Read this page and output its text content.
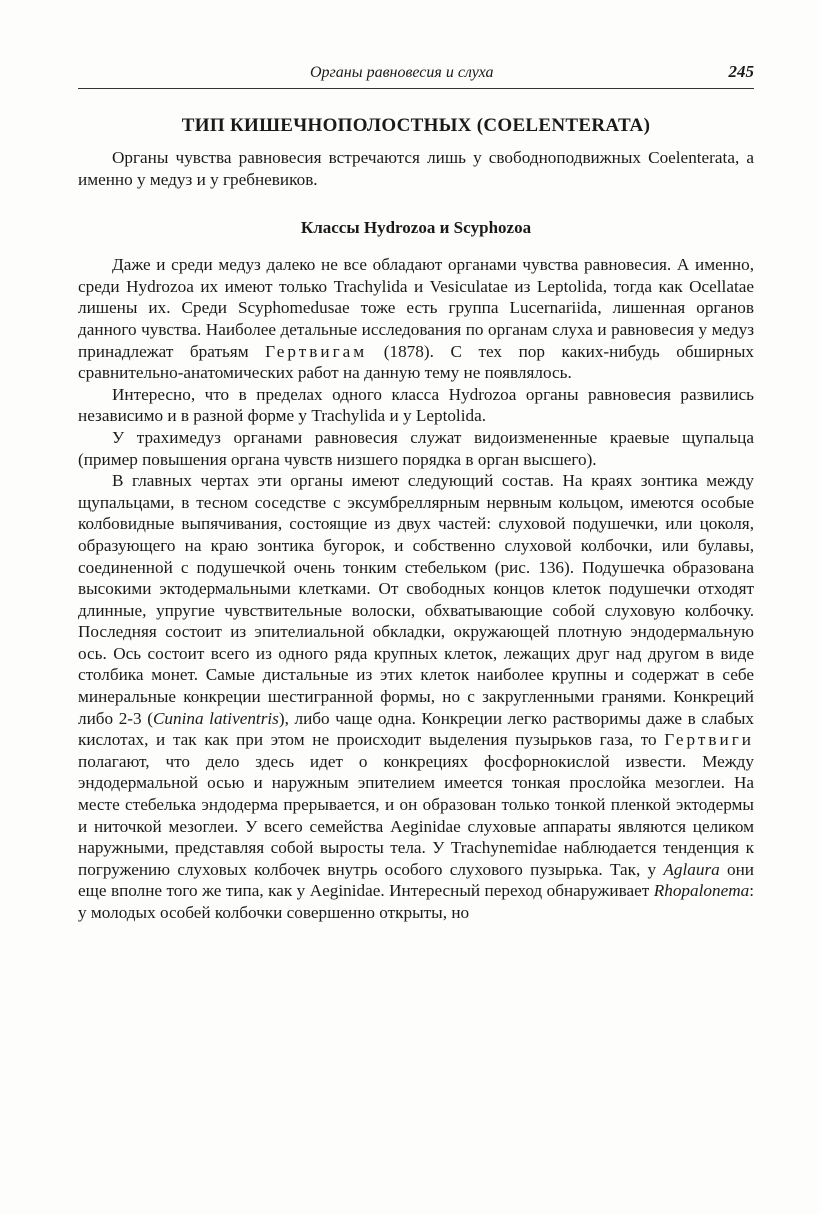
Органы равновесия и слуха	245
ТИП КИШЕЧНОПОЛОСТНЫХ (COELENTERATA)

Органы чувства равновесия встречаются лишь у свободноподвижных Coelenterata, а именно у медуз и у гребневиков.

Классы Hydrozoa и Scyphozoa

Даже и среди медуз далеко не все обладают органами чувства равновесия. А именно, среди Hydrozoa их имеют только Trachylida и Vesiculatae из Leptolida, тогда как Ocellatae лишены их. Среди Scyphomedusae тоже есть группа Lucernariida, лишенная органов данного чувства. Наиболее детальные исследования по органам слуха и равновесия у медуз принадлежат братьям Гертвигам (1878). С тех пор каких-нибудь обширных сравнительно-анатомических работ на данную тему не появлялось.

Интересно, что в пределах одного класса Hydrozoa органы равновесия развились независимо и в разной форме у Trachylida и у Leptolida.

У трахимедуз органами равновесия служат видоизмененные краевые щупальца (пример повышения органа чувств низшего порядка в орган высшего).

В главных чертах эти органы имеют следующий состав. На краях зонтика между щупальцами, в тесном соседстве с эксумбреллярным нервным кольцом, имеются особые колбовидные выпячивания, состоящие из двух частей: слуховой подушечки, или цоколя, образующего на краю зонтика бугорок, и собственно слуховой колбочки, или булавы, соединенной с подушечкой очень тонким стебельком (рис. 136). Подушечка образована высокими эктодермальными клетками. От свободных концов клеток подушечки отходят длинные, упругие чувствительные волоски, обхватывающие собой слуховую колбочку. Последняя состоит из эпителиальной обкладки, окружающей плотную эндодермальную ось. Ось состоит всего из одного ряда крупных клеток, лежащих друг над другом в виде столбика монет. Самые дистальные из этих клеток наиболее крупны и содержат в себе минеральные конкреции шестигранной формы, но с закругленными гранями. Конкреций либо 2-3 (Cunina lativentris), либо чаще одна. Конкреции легко растворимы даже в слабых кислотах, и так как при этом не происходит выделения пузырьков газа, то Гертвиги полагают, что дело здесь идет о конкрециях фосфорнокислой извести. Между эндодермальной осью и наружным эпителием имеется тонкая прослойка мезоглеи. На месте стебелька эндодерма прерывается, и он образован только тонкой пленкой эктодермы и ниточкой мезоглеи. У всего семейства Aeginidae слуховые аппараты являются целиком наружными, представляя собой выросты тела. У Trachynemidae наблюдается тенденция к погружению слуховых колбочек внутрь особого слухового пузырька. Так, у Aglaura они еще вполне того же типа, как у Aeginidae. Интересный переход обнаруживает Rhopalonema: у молодых особей колбочки совершенно открыты, но
